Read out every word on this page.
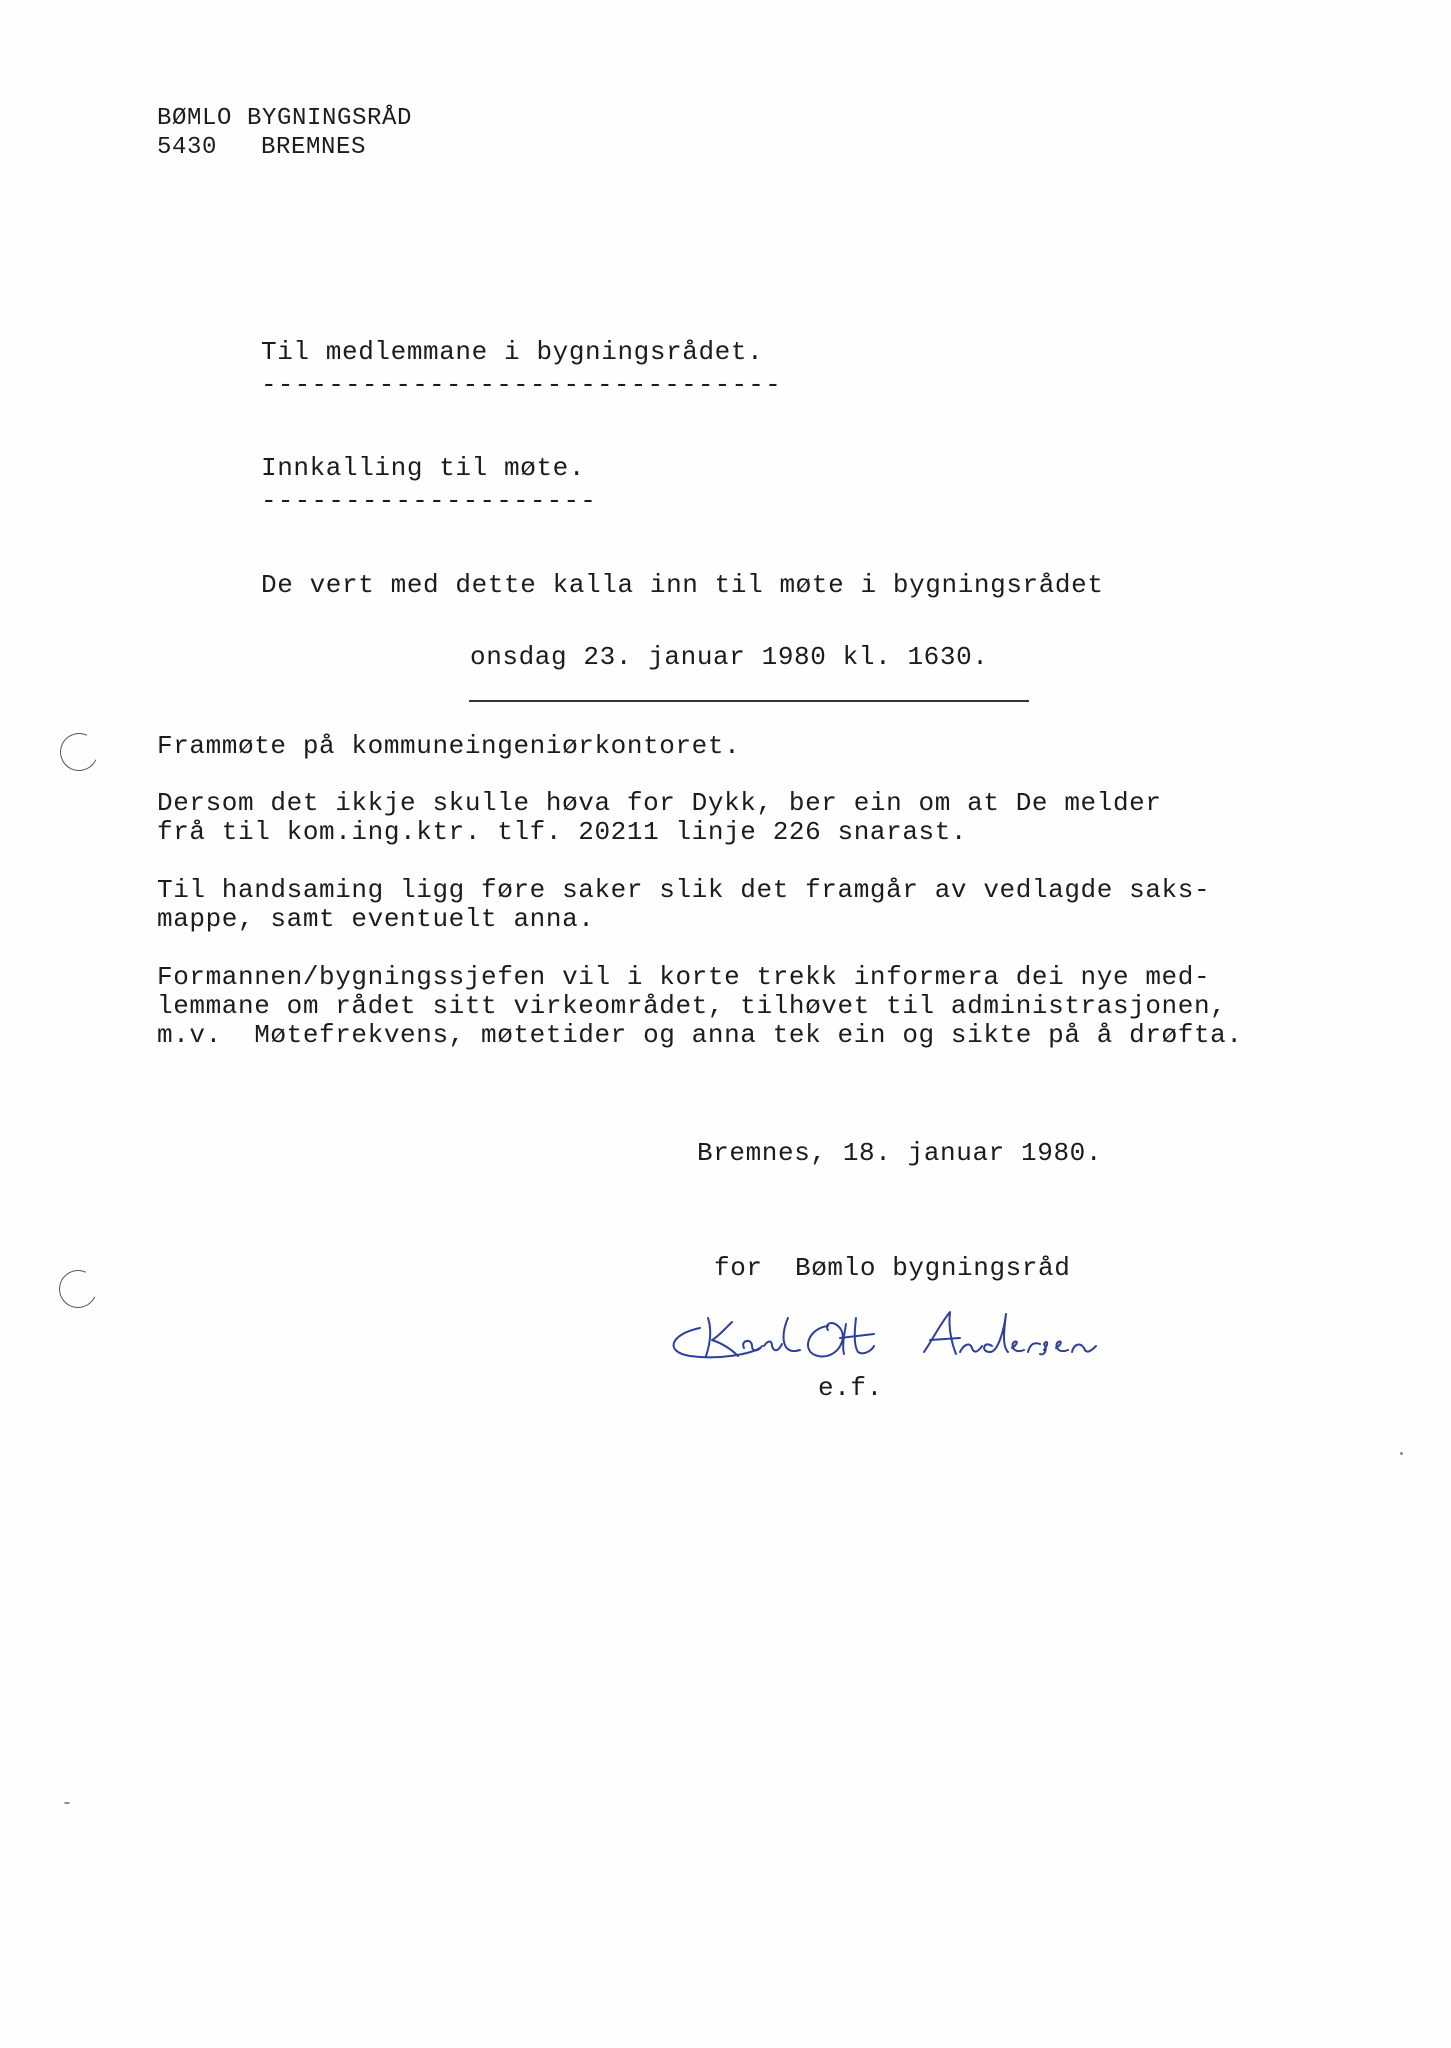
BØMLO BYGNINGSRÅD
5430 BREMNES
Til medlemmane i bygningsrådet.
-------------------------------
Innkalling til møte.
--------------------
De vert med dette kalla inn til møte i bygningsrådet
onsdag 23. januar 1980 kl. 1630.
Frammøte på kommuneingeniørkontoret.
Dersom det ikkje skulle høva for Dykk, ber ein om at De melder
frå til kom.ing.ktr. tlf. 20211 linje 226 snarast.
Til handsaming ligg føre saker slik det framgår av vedlagde saks-
mappe, samt eventuelt anna.
Formannen/bygningssjefen vil i korte trekk informera dei nye med-
lemmane om rådet sitt virkeområdet, tilhøvet til administrasjonen,
m.v.  Møtefrekvens, møtetider og anna tek ein og sikte på å drøfta.
Bremnes, 18. januar 1980.
for  Bømlo bygningsråd
e.f.
